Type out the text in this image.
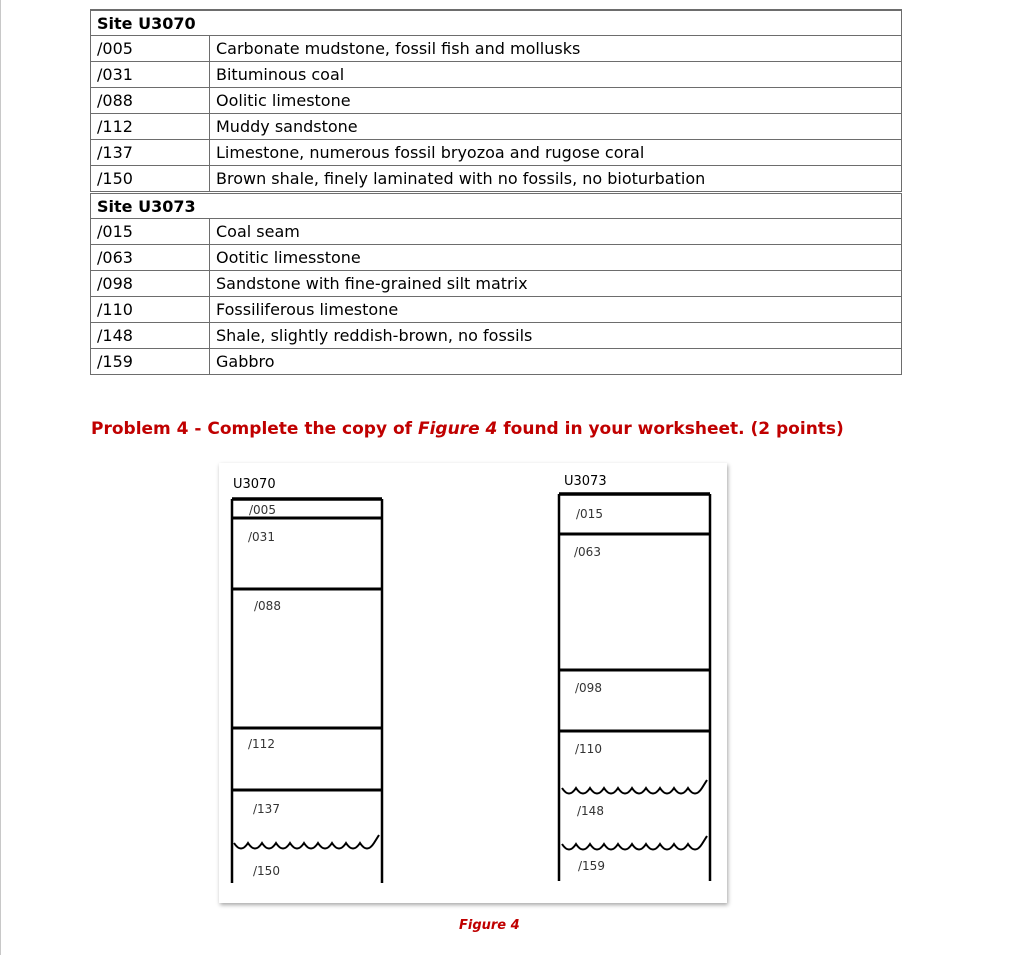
Site U3070	
/005	Carbonate mudstone, fossil fish and mollusks
/031	Bituminous coal
/088	Oolitic limestone
/112	Muddy sandstone
/137	Limestone, numerous fossil bryozoa and rugose coral
/150	Brown shale, finely laminated with no fossils, no bioturbation
Site U3073	
/015	Coal seam
/063	Ootitic limesstone
/098	Sandstone with fine-grained silt matrix
/110	Fossiliferous limestone
/148	Shale, slightly reddish-brown, no fossils
/159	Gabbro
Problem 4 - Complete the copy of Figure 4 found in your worksheet. (2 points)
U3070
/005
/031
/088
/112
/137
/150
U3073
/015
/063
/098
/110
/148
/159
Figure 4
